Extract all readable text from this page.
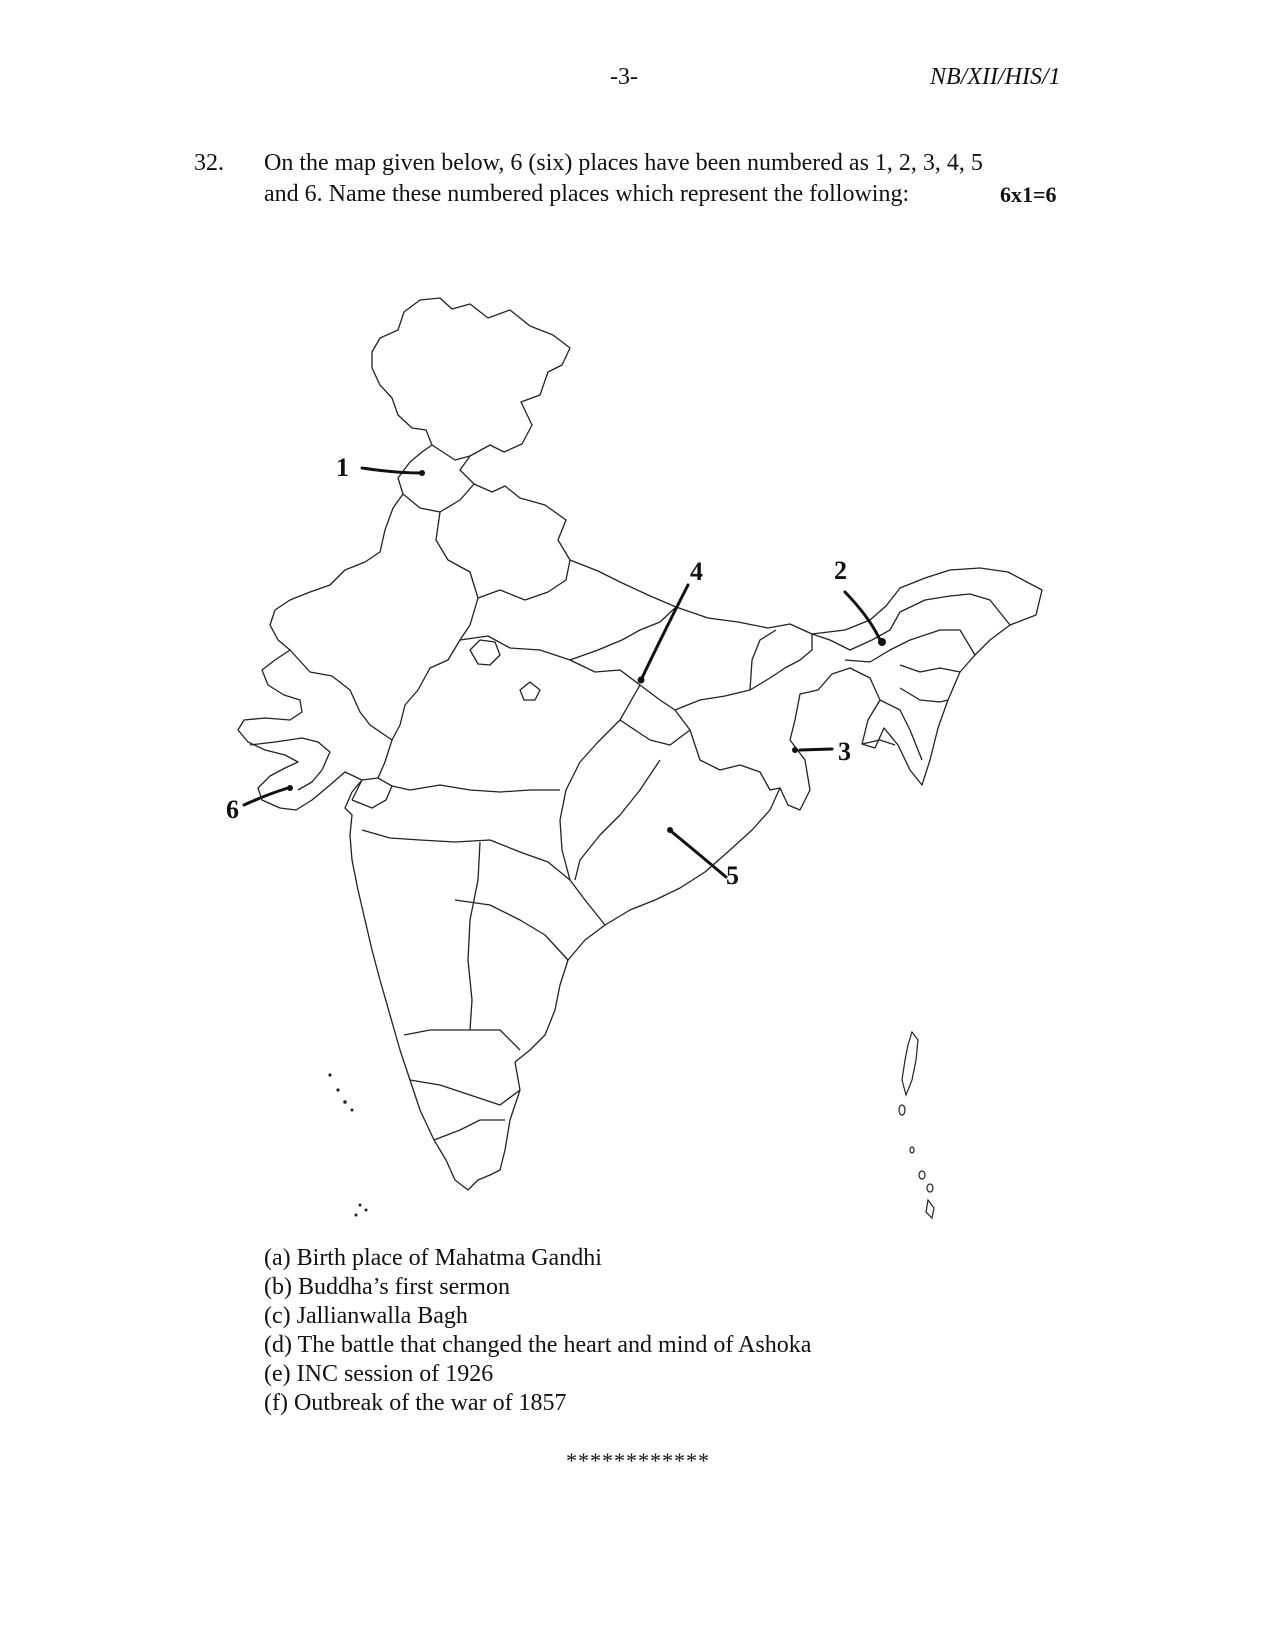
-3-	NB/XII/HIS/1
32. On the map given below, 6 (six) places have been numbered as 1, 2, 3, 4, 5
and 6. Name these numbered places which represent the following:	6x1=6
1
2
3
4
5
6
(a) Birth place of Mahatma Gandhi
(b) Buddha’s first sermon
(c) Jallianwalla Bagh
(d) The battle that changed the heart and mind of Ashoka
(e) INC session of 1926
(f) Outbreak of the war of 1857
************
